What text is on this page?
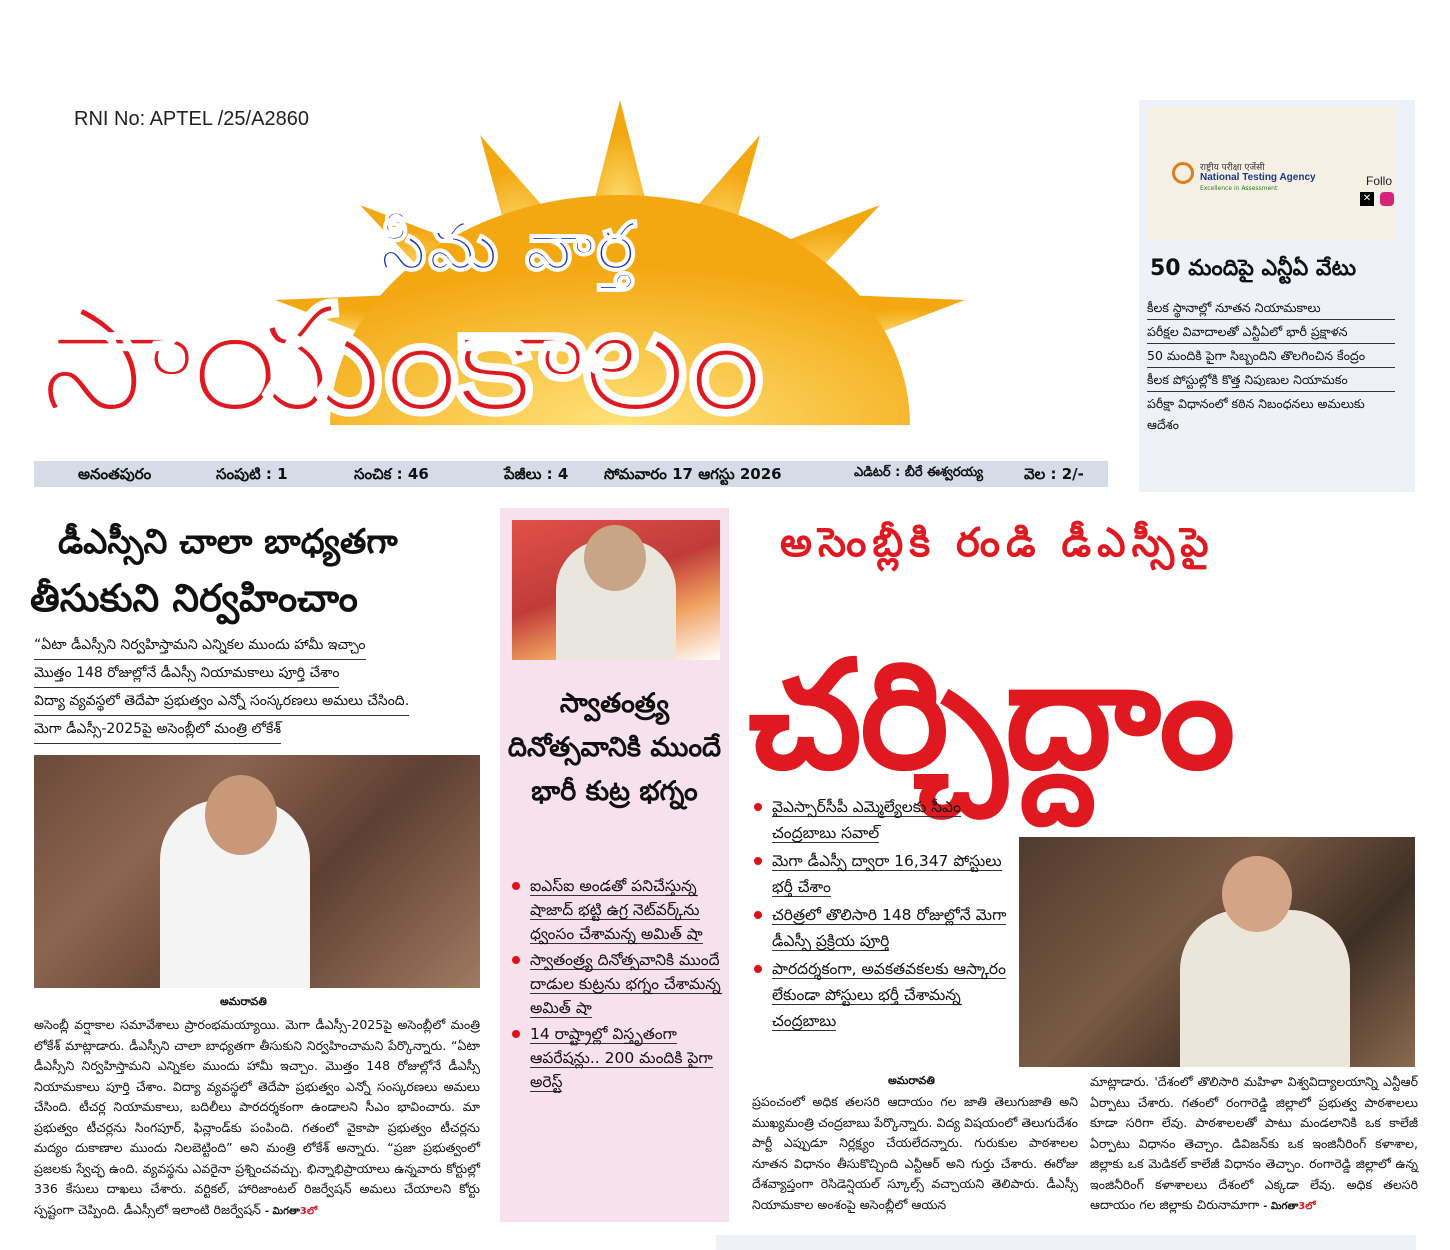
RNI No: APTEL /25/A2860
సీమ వార్త
సాయంకాలం
అనంతపురం	సంపుటి : 1	సంచిక : 46	పేజీలు : 4 సోమవారం 17 ఆగస్టు 2026	ఎడిటర్ : బీరే ఈశ్వరయ్య	వెల : 2/-
राष्ट्रीय परीक्षा एजेंसी
National Testing Agency
Excellence in Assessment
Follo
✕
50 మందిపై ఎన్టీఏ వేటు
కీలక స్థానాల్లో నూతన నియామకాలు
పరీక్షల వివాదాలతో ఎన్టీఏలో భారీ ప్రక్షాళన
50 మందికి పైగా సిబ్బందిని తొలగించిన కేంద్రం
కీలక పోస్టుల్లోకి కొత్త నిపుణుల నియామకం
పరీక్షా విధానంలో కఠిన నిబంధనలు అమలుకు ఆదేశం
డీఎస్సీని చాలా బాధ్యతగా
తీసుకుని నిర్వహించాం
“ఏటా డీఎస్సీని నిర్వహిస్తామని ఎన్నికల ముందు హామీ ఇచ్చాం
మొత్తం 148 రోజుల్లోనే డీఎస్సీ నియామకాలు పూర్తి చేశాం
విద్యా వ్యవస్థలో తెదేపా ప్రభుత్వం ఎన్నో సంస్కరణలు అమలు చేసింది.
మెగా డీఎస్సీ-2025పై అసెంబ్లీలో మంత్రి లోకేశ్
అమరావతి
అసెంబ్లీ వర్షాకాల సమావేశాలు ప్రారంభమయ్యాయి. మెగా డీఎస్సీ-2025పై అసెంబ్లీలో మంత్రి లోకేశ్ మాట్లాడారు. డీఎస్సీని చాలా బాధ్యతగా తీసుకుని నిర్వహించామని పేర్కొన్నారు. “ఏటా డీఎస్సీని నిర్వహిస్తామని ఎన్నికల ముందు హామీ ఇచ్చాం. మొత్తం 148 రోజుల్లోనే డీఎస్సీ నియామకాలు పూర్తి చేశాం. విద్యా వ్యవస్థలో తెదేపా ప్రభుత్వం ఎన్నో సంస్కరణలు అమలు చేసింది. టీచర్ల నియామకాలు, బదిలీలు పారదర్శకంగా ఉండాలని సీఎం భావించారు. మా ప్రభుత్వం టీచర్లను సింగపూర్, ఫిన్లాండ్‌కు పంపింది. గతంలో వైకాపా ప్రభుత్వం టీచర్లను మద్యం దుకాణాల ముందు నిలబెట్టింది” అని మంత్రి లోకేశ్ అన్నారు. “ప్రజా ప్రభుత్వంలో ప్రజలకు స్వేచ్ఛ ఉంది. వ్యవస్థను ఎవరైనా ప్రశ్నించవచ్చు. భిన్నాభిప్రాయాలు ఉన్నవారు కోర్టుల్లో 336 కేసులు దాఖలు చేశారు. వర్టికల్, హారిజాంటల్ రిజర్వేషన్ అమలు చేయాలని కోర్టు స్పష్టంగా చెప్పింది. డీఎస్సీలో ఇలాంటి రిజర్వేషన్ - మిగతా3లో
స్వాతంత్ర్య దినోత్సవానికి ముందే భారీ కుట్ర భగ్నం
ఐఎస్ఐ అండతో పనిచేస్తున్న షాజాద్ భట్టి ఉగ్ర నెట్‌వర్క్‌ను ధ్వంసం చేశామన్న అమిత్ షా
స్వాతంత్ర్య దినోత్సవానికి ముందే దాడుల కుట్రను భగ్నం చేశామన్న అమిత్ షా
14 రాష్ట్రాల్లో విస్తృతంగా ఆపరేషన్లు.. 200 మందికి పైగా అరెస్ట్
అసెంబ్లీకి రండి డీఎస్సీపై
చర్చిద్దాం
వైఎస్సార్‌సీపీ ఎమ్మెల్యేలకు సీఎం చంద్రబాబు సవాల్
మెగా డీఎస్సీ ద్వారా 16,347 పోస్టులు భర్తీ చేశాం
చరిత్రలో తొలిసారి 148 రోజుల్లోనే మెగా డీఎస్సీ ప్రక్రియ పూర్తి
పారదర్శకంగా, అవకతవకలకు ఆస్కారం లేకుండా పోస్టులు భర్తీ చేశామన్న చంద్రబాబు
అమరావతి
ప్రపంచంలో అధిక తలసరి ఆదాయం గల జాతి తెలుగుజాతి అని ముఖ్యమంత్రి చంద్రబాబు పేర్కొన్నారు. విద్య విషయంలో తెలుగుదేశం పార్టీ ఎప్పుడూ నిర్లక్ష్యం చేయలేదన్నారు. గురుకుల పాఠశాలల నూతన విధానం తీసుకొచ్చింది ఎన్టీఆర్ అని గుర్తు చేశారు. ఈరోజు దేశవ్యాప్తంగా రెసిడెన్షియల్ స్కూల్స్ వచ్చాయని తెలిపారు. డీఎస్సీ నియామకాల అంశంపై అసెంబ్లీలో ఆయన
మాట్లాడారు. 'దేశంలో తొలిసారి మహిళా విశ్వవిద్యాలయాన్ని ఎన్టీఆర్ ఏర్పాటు చేశారు. గతంలో రంగారెడ్డి జిల్లాలో ప్రభుత్వ పాఠశాలలు కూడా సరిగా లేవు. పాఠశాలలతో పాటు మండలానికి ఒక కాలేజీ ఏర్పాటు విధానం తెచ్చాం. డివిజన్‌కు ఒక ఇంజినీరింగ్ కళాశాల, జిల్లాకు ఒక మెడికల్ కాలేజీ విధానం తెచ్చాం. రంగారెడ్డి జిల్లాలో ఉన్న ఇంజినీరింగ్ కళాశాలలు దేశంలో ఎక్కడా లేవు. అధిక తలసరి ఆదాయం గల జిల్లాకు చిరునామాగా - మిగతా3లో
